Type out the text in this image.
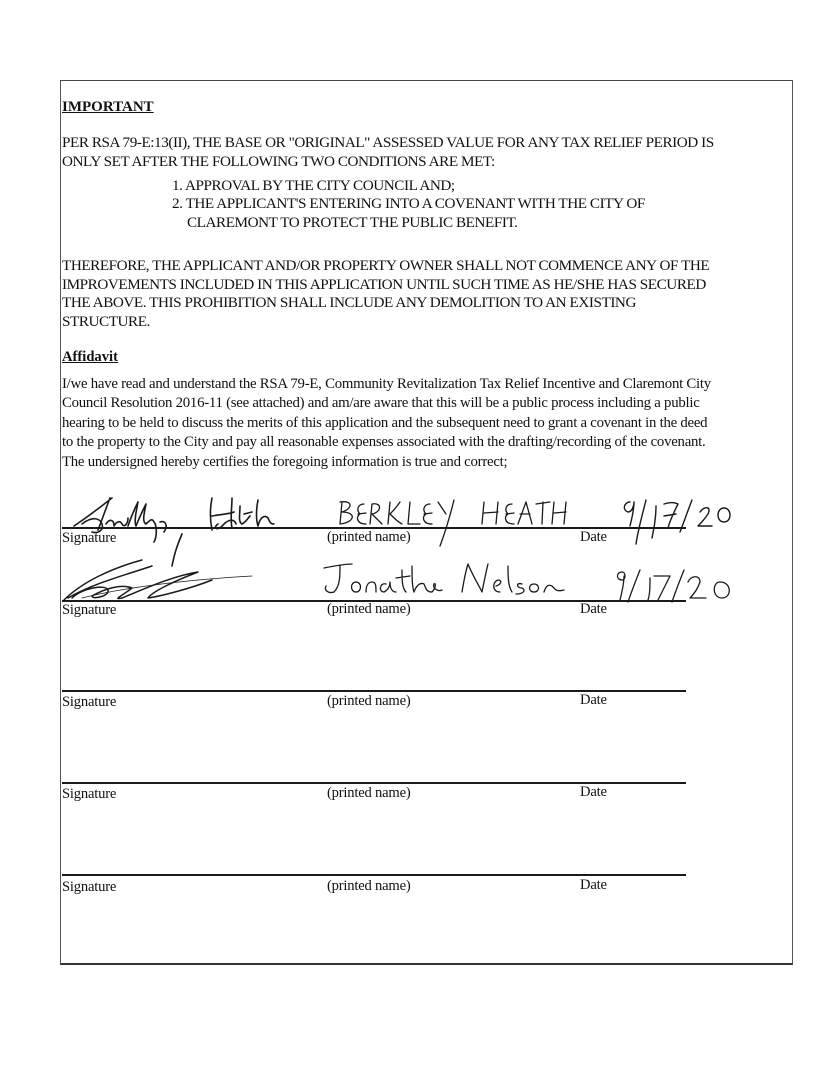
IMPORTANT
PER RSA 79-E:13(II), THE BASE OR "ORIGINAL" ASSESSED VALUE FOR ANY TAX RELIEF PERIOD IS
ONLY SET AFTER THE FOLLOWING TWO CONDITIONS ARE MET:
1. APPROVAL BY THE CITY COUNCIL AND;
2. THE APPLICANT'S ENTERING INTO A COVENANT WITH THE CITY OF
CLAREMONT TO PROTECT THE PUBLIC BENEFIT.
THEREFORE, THE APPLICANT AND/OR PROPERTY OWNER SHALL NOT COMMENCE ANY OF THE
IMPROVEMENTS INCLUDED IN THIS APPLICATION UNTIL SUCH TIME AS HE/SHE HAS SECURED
THE ABOVE. THIS PROHIBITION SHALL INCLUDE ANY DEMOLITION TO AN EXISTING
STRUCTURE.
Affidavit
I/we have read and understand the RSA 79-E, Community Revitalization Tax Relief Incentive and Claremont City
Council Resolution 2016-11 (see attached) and am/are aware that this will be a public process including a public
hearing to be held to discuss the merits of this application and the subsequent need to grant a covenant in the deed
to the property to the City and pay all reasonable expenses associated with the drafting/recording of the covenant.
The undersigned hereby certifies the foregoing information is true and correct;
Signature	(printed name)	Date
Signature	(printed name)	Date
Signature	(printed name)	Date
Signature	(printed name)	Date
Signature	(printed name)	Date
